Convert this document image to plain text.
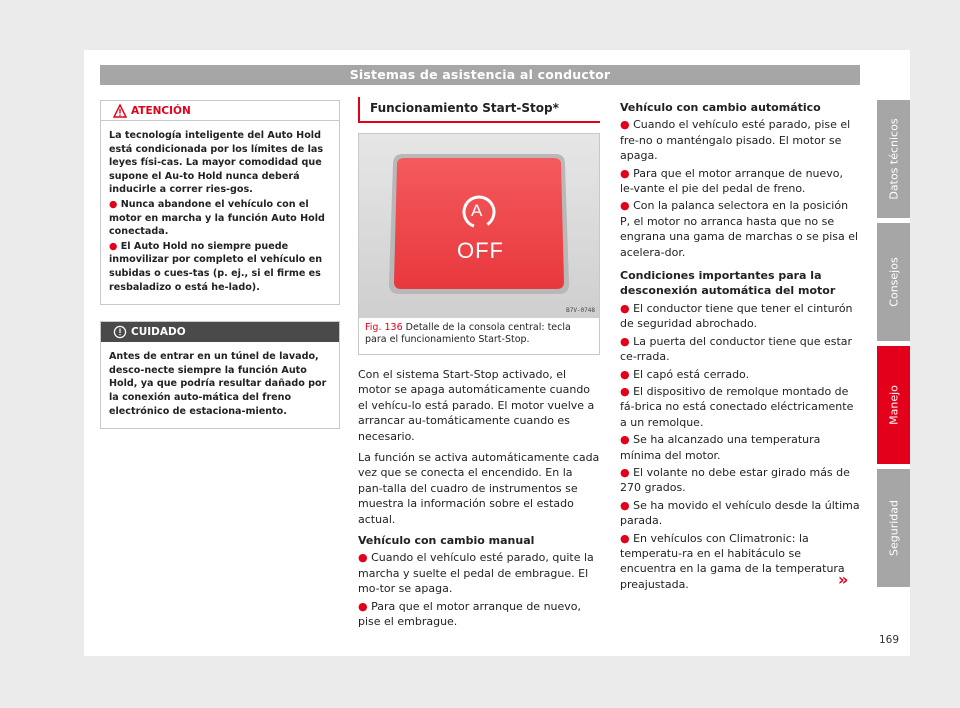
Sistemas de asistencia al conductor
ATENCIÓN

La tecnología inteligente del Auto Hold está condicionada por los límites de las leyes físi-cas. La mayor comodidad que supone el Au-to Hold nunca deberá inducirle a correr ries-gos.

● Nunca abandone el vehículo con el motor en marcha y la función Auto Hold conectada.

● El Auto Hold no siempre puede inmovilizar por completo el vehículo en subidas o cues-tas (p. ej., si el firme es resbaladizo o está he-lado).

CUIDADO

Antes de entrar en un túnel de lavado, desco-necte siempre la función Auto Hold, ya que podría resultar dañado por la conexión auto-mática del freno electrónico de estaciona-miento.

Funcionamiento Start-Stop*
A
OFF
B7V-0748
Fig. 136 Detalle de la consola central: tecla para el funcionamiento Start-Stop.

Con el sistema Start-Stop activado, el motor se apaga automáticamente cuando el vehícu-lo está parado. El motor vuelve a arrancar au-tomáticamente cuando es necesario.

La función se activa automáticamente cada vez que se conecta el encendido. En la pan-talla del cuadro de instrumentos se muestra la información sobre el estado actual.

Vehículo con cambio manual

● Cuando el vehículo esté parado, quite la marcha y suelte el pedal de embrague. El mo-tor se apaga.

● Para que el motor arranque de nuevo, pise el embrague.

Vehículo con cambio automático

● Cuando el vehículo esté parado, pise el fre-no o manténgalo pisado. El motor se apaga.

● Para que el motor arranque de nuevo, le-vante el pie del pedal de freno.

● Con la palanca selectora en la posición P, el motor no arranca hasta que no se engrana una gama de marchas o se pisa el acelera-dor.

Condiciones importantes para la desconexión automática del motor

● El conductor tiene que tener el cinturón de seguridad abrochado.

● La puerta del conductor tiene que estar ce-rrada.

● El capó está cerrado.

● El dispositivo de remolque montado de fá-brica no está conectado eléctricamente a un remolque.

● Se ha alcanzado una temperatura mínima del motor.

● El volante no debe estar girado más de 270 grados.

● Se ha movido el vehículo desde la última parada.

● En vehículos con Climatronic: la temperatu-ra en el habitáculo se encuentra en la gama de la temperatura preajustada.	»
Datos técnicos
Consejos
Manejo
Seguridad
169
